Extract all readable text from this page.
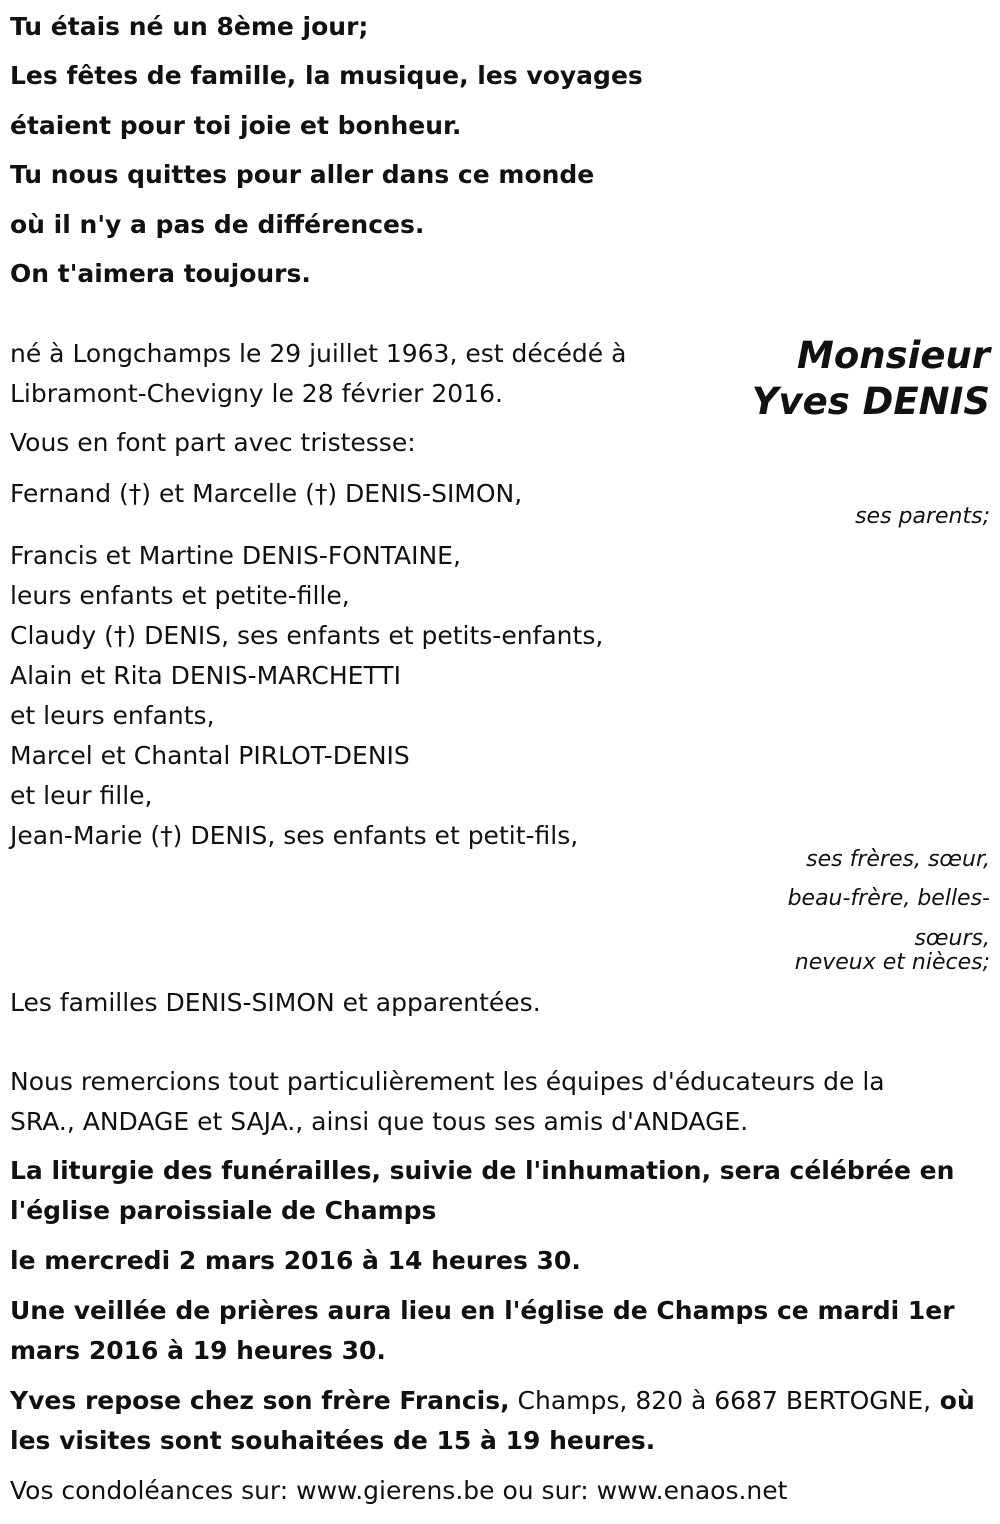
Tu étais né un 8ème jour;
Les fêtes de famille, la musique, les voyages
étaient pour toi joie et bonheur.
Tu nous quittes pour aller dans ce monde
où il n'y a pas de différences.
On t'aimera toujours.
Monsieur
Yves DENIS
né à Longchamps le 29 juillet 1963, est décédé à
Libramont-Chevigny le 28 février 2016.
Vous en font part avec tristesse:
Fernand (†) et Marcelle (†) DENIS-SIMON,
ses parents;
Francis et Martine DENIS-FONTAINE,
leurs enfants et petite-fille,
Claudy (†) DENIS, ses enfants et petits-enfants,
Alain et Rita DENIS-MARCHETTI
et leurs enfants,
Marcel et Chantal PIRLOT-DENIS
et leur fille,
Jean-Marie (†) DENIS, ses enfants et petit-fils,
ses frères, sœur,
beau-frère, belles-
sœurs,
neveux et nièces;
Les familles DENIS-SIMON et apparentées.
Nous remercions tout particulièrement les équipes d'éducateurs de la
SRA., ANDAGE et SAJA., ainsi que tous ses amis d'ANDAGE.
La liturgie des funérailles, suivie de l'inhumation, sera célébrée en
l'église paroissiale de Champs
le mercredi 2 mars 2016 à 14 heures 30.
Une veillée de prières aura lieu en l'église de Champs ce mardi 1er
mars 2016 à 19 heures 30.
Yves repose chez son frère Francis, Champs, 820 à 6687 BERTOGNE, où
les visites sont souhaitées de 15 à 19 heures.
Vos condoléances sur: www.gierens.be ou sur: www.enaos.net
